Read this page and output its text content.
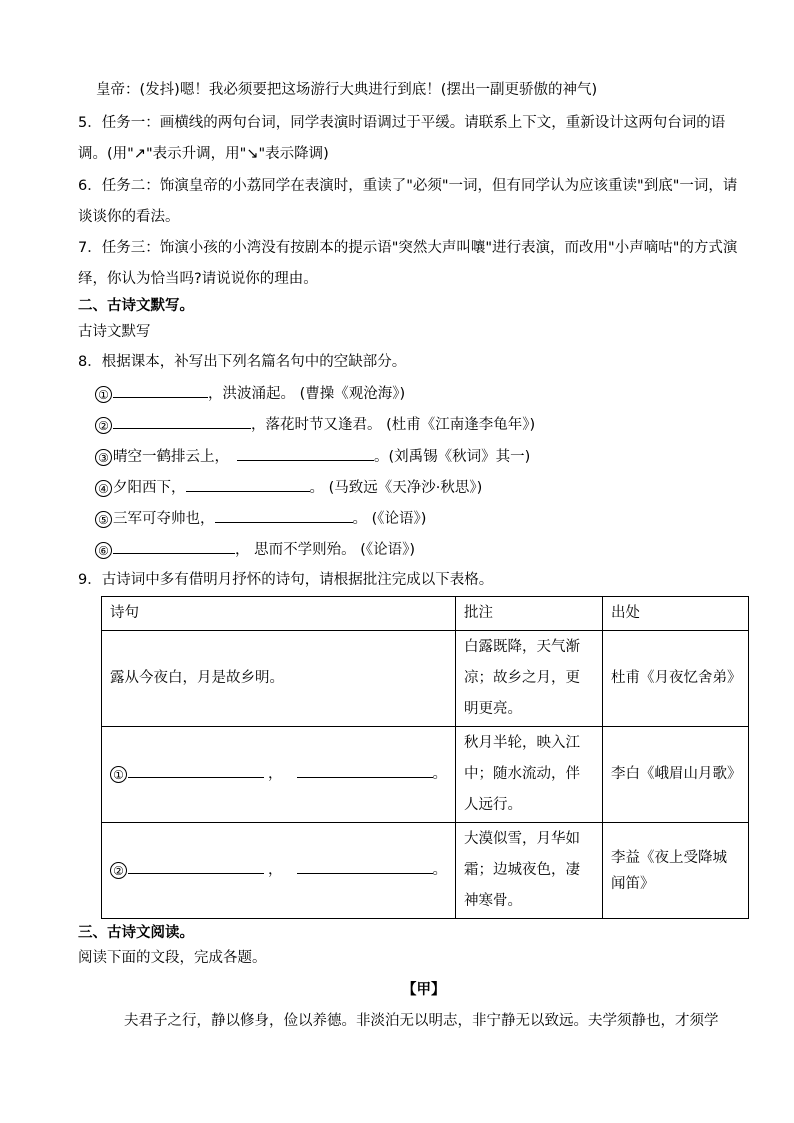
皇帝：(发抖)嗯！我必须要把这场游行大典进行到底！(摆出一副更骄傲的神气)
5．任务一：画横线的两句台词，同学表演时语调过于平缓。请联系上下文，重新设计这两句台词的语
调。(用"↗"表示升调，用"↘"表示降调)
6．任务二：饰演皇帝的小荔同学在表演时，重读了"必须"一词，但有同学认为应该重读"到底"一词，请
谈谈你的看法。
7．任务三：饰演小孩的小湾没有按剧本的提示语"突然大声叫嚷"进行表演，而改用"小声嘀咕"的方式演
绎，你认为恰当吗?请说说你的理由。
二、古诗文默写。
古诗文默写
8．根据课本，补写出下列名篇名句中的空缺部分。
①	，洪波涌起。 (曹操《观沧海》)
②	，落花时节又逢君。 (杜甫《江南逢李龟年》)
③ 晴空一鹤排云上，	。(刘禹锡《秋词》其一)
④ 夕阳西下，	。 (马致远《天净沙·秋思》)
⑤ 三军可夺帅也，	。 (《论语》)
⑥	， 思而不学则殆。 (《论语》)
9．古诗词中多有借明月抒怀的诗句，请根据批注完成以下表格。
诗句	批注	出处
露从今夜白，月是故乡明。	白露既降，天气渐凉；故乡之月，更明更亮。	杜甫《月夜忆舍弟》
① ， 。	秋月半轮，映入江中；随水流动，伴人远行。	李白《峨眉山月歌》
② ， 。	大漠似雪，月华如霜；边城夜色，凄神寒骨。	李益《夜上受降城闻笛》
三、古诗文阅读。
阅读下面的文段，完成各题。
【甲】
夫君子之行，静以修身，俭以养德。非淡泊无以明志，非宁静无以致远。夫学须静也，才须学
